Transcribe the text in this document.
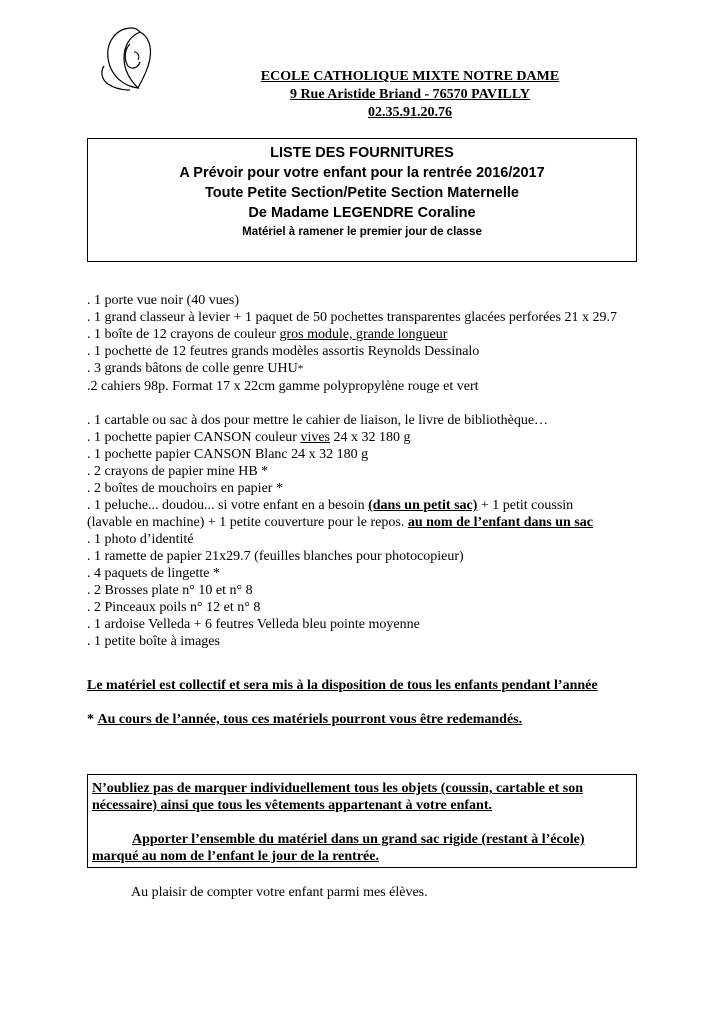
ECOLE CATHOLIQUE MIXTE NOTRE DAME
9 Rue Aristide Briand - 76570 PAVILLY
02.35.91.20.76
LISTE DES FOURNITURES
A Prévoir pour votre enfant pour la rentrée 2016/2017
Toute Petite Section/Petite Section Maternelle
De Madame LEGENDRE Coraline
Matériel à ramener le premier jour de classe
. 1 porte vue noir (40 vues)
. 1 grand classeur à levier + 1 paquet de 50 pochettes transparentes glacées perforées 21 x 29.7
. 1 boîte de 12 crayons de couleur gros module, grande longueur
. 1 pochette de 12 feutres grands modèles assortis Reynolds Dessinalo
. 3 grands bâtons de colle genre UHU*
.2 cahiers 98p. Format 17 x 22cm gamme polypropylène rouge et vert
. 1 cartable ou sac à dos pour mettre le cahier de liaison, le livre de bibliothèque…
. 1 pochette papier CANSON couleur vives 24 x 32 180 g
. 1 pochette papier CANSON Blanc 24 x 32 180 g
. 2 crayons de papier mine HB *
. 2 boîtes de mouchoirs en papier *
. 1 peluche... doudou... si votre enfant en a besoin (dans un petit sac) + 1 petit coussin
(lavable en machine) + 1 petite couverture pour le repos. au nom de l’enfant dans un sac
. 1 photo d’identité
. 1 ramette de papier 21x29.7 (feuilles blanches pour photocopieur)
. 4 paquets de lingette *
. 2 Brosses plate n° 10 et n° 8
. 2 Pinceaux poils n° 12 et n° 8
. 1 ardoise Velleda + 6 feutres Velleda bleu pointe moyenne
. 1 petite boîte à images
Le matériel est collectif et sera mis à la disposition de tous les enfants pendant l’année
* Au cours de l’année, tous ces matériels pourront vous être redemandés.
N’oubliez pas de marquer individuellement tous les objets (coussin, cartable et son
nécessaire) ainsi que tous les vêtements appartenant à votre enfant.
Apporter l’ensemble du matériel dans un grand sac rigide (restant à l’école)
marqué au nom de l’enfant le jour de la rentrée.
Au plaisir de compter votre enfant parmi mes élèves.
